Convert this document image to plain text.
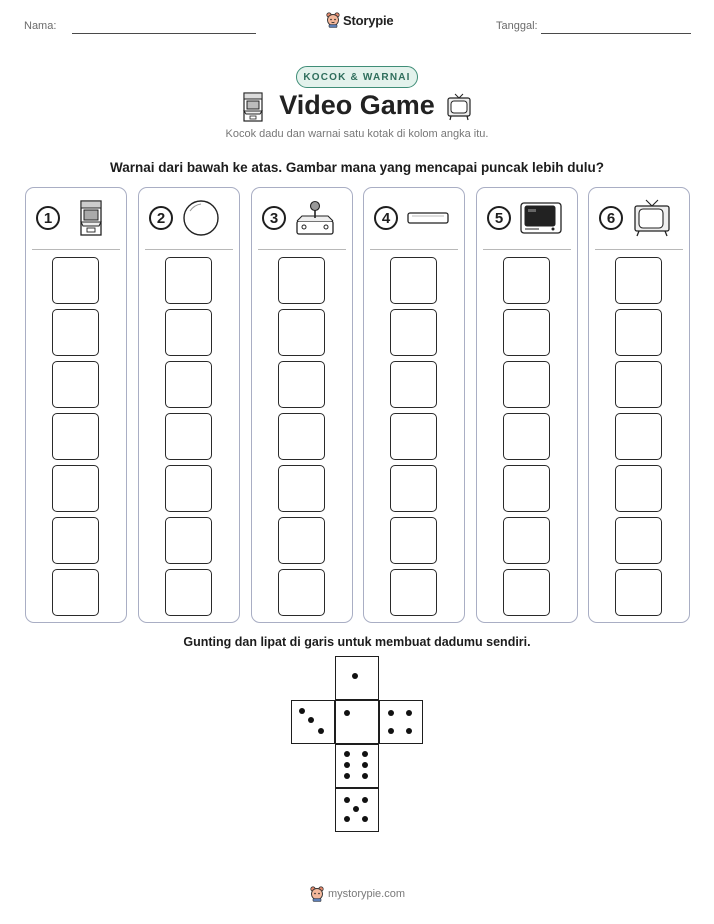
Nama:	Storypie	Tanggal:
KOCOK & WARNAI
Video Game
Kocok dadu dan warnai satu kotak di kolom angka itu.
Warnai dari bawah ke atas. Gambar mana yang mencapai puncak lebih dulu?
1	2	3	4	5	6
Gunting dan lipat di garis untuk membuat dadumu sendiri.
mystorypie.com
